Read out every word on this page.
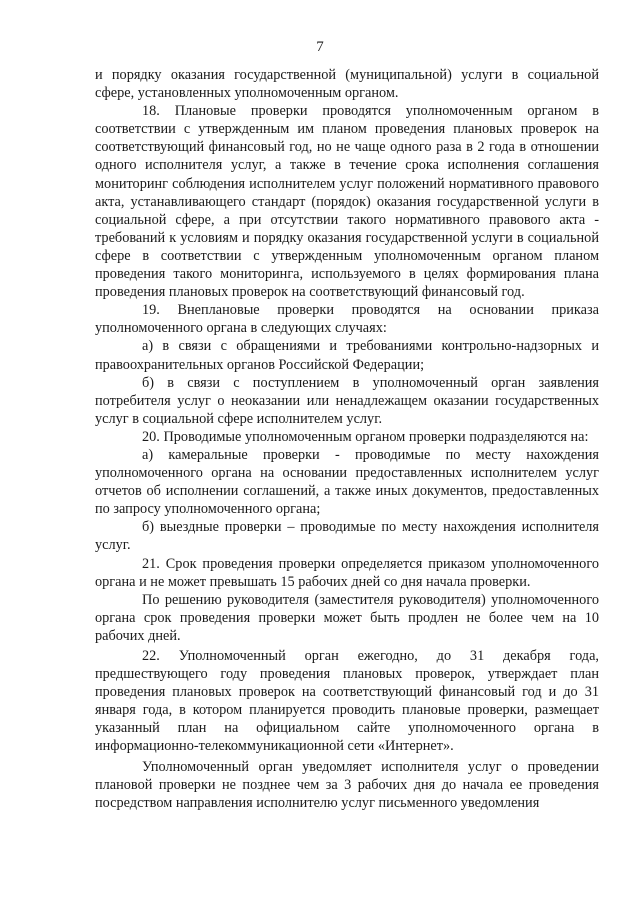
7

и порядку оказания государственной (муниципальной) услуги в социальной сфере, установленных уполномоченным органом.

18. Плановые проверки проводятся уполномоченным органом в соответствии с утвержденным им планом проведения плановых проверок на соответствующий финансовый год, но не чаще одного раза в 2 года в отношении одного исполнителя услуг, а также в течение срока исполнения соглашения мониторинг соблюдения исполнителем услуг положений нормативного правового акта, устанавливающего стандарт (порядок) оказания государственной услуги в социальной сфере, а при отсутствии такого нормативного правового акта - требований к условиям и порядку оказания государственной услуги в социальной сфере в соответствии с утвержденным уполномоченным органом планом проведения такого мониторинга, используемого в целях формирования плана проведения плановых проверок на соответствующий финансовый год.

19. Внеплановые проверки проводятся на основании приказа уполномоченного органа в следующих случаях:

а) в связи с обращениями и требованиями контрольно-надзорных и правоохранительных органов Российской Федерации;

б) в связи с поступлением в уполномоченный орган заявления потребителя услуг о неоказании или ненадлежащем оказании государственных услуг в социальной сфере исполнителем услуг.

20. Проводимые уполномоченным органом проверки подразделяются на:

а) камеральные проверки - проводимые по месту нахождения уполномоченного органа на основании предоставленных исполнителем услуг отчетов об исполнении соглашений, а также иных документов, предоставленных по запросу уполномоченного органа;

б) выездные проверки – проводимые по месту нахождения исполнителя услуг.

21. Срок проведения проверки определяется приказом уполномоченного органа и не может превышать 15 рабочих дней со дня начала проверки.

По решению руководителя (заместителя руководителя) уполномоченного органа срок проведения проверки может быть продлен не более чем на 10 рабочих дней.

22. Уполномоченный орган ежегодно, до 31 декабря года, предшествующего году проведения плановых проверок, утверждает план проведения плановых проверок на соответствующий финансовый год и до 31 января года, в котором планируется проводить плановые проверки, размещает указанный план на официальном сайте уполномоченного органа в информационно-телекоммуникационной сети «Интернет».

Уполномоченный орган уведомляет исполнителя услуг о проведении плановой проверки не позднее чем за 3 рабочих дня до начала ее проведения посредством направления исполнителю услуг письменного уведомления
